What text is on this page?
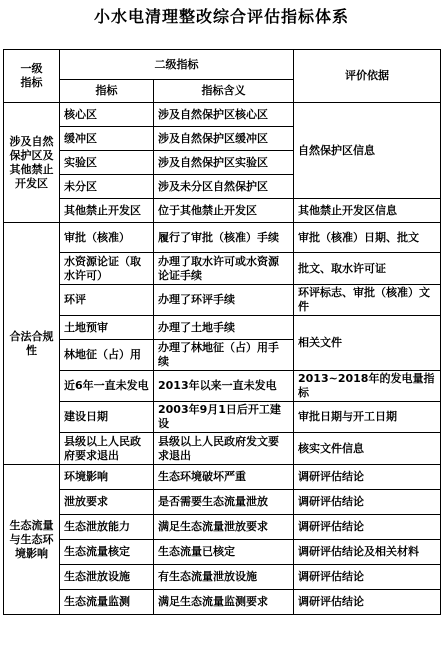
小水电清理整改综合评估指标体系
一级
指标	二级指标		评价依据
	指标	指标含义	
涉及自然保护区及其他禁止开发区	核心区	涉及自然保护区核心区	自然保护区信息
	缓冲区	涉及自然保护区缓冲区	
	实验区	涉及自然保护区实验区	
	未分区	涉及未分区自然保护区	
	其他禁止开发区	位于其他禁止开发区	其他禁止开发区信息
合法合规性	审批（核准）	履行了审批（核准）手续	审批（核准）日期、批文
	水资源论证（取水许可）	办理了取水许可或水资源论证手续	批文、取水许可证
	环评	办理了环评手续	环评标志、审批（核准）文件
	土地预审	办理了土地手续	相关文件
	林地征（占）用	办理了林地征（占）用手续	
	近6年一直未发电	2013年以来一直未发电	2013~2018年的发电量指标
	建设日期	2003年9月1日后开工建设	审批日期与开工日期
	县级以上人民政府要求退出	县级以上人民政府发文要求退出	核实文件信息
生态流量与生态环境影响	环境影响	生态环境破坏严重	调研评估结论
	泄放要求	是否需要生态流量泄放	调研评估结论
	生态泄放能力	满足生态流量泄放要求	调研评估结论
	生态流量核定	生态流量已核定	调研评估结论及相关材料
	生态泄放设施	有生态流量泄放设施	调研评估结论
	生态流量监测	满足生态流量监测要求	调研评估结论
